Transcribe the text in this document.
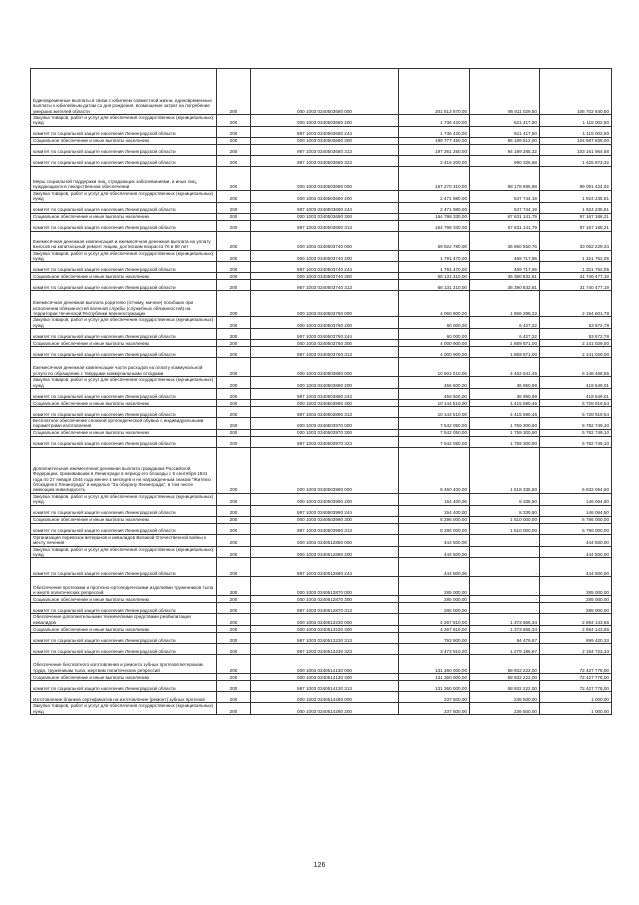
Единовременные выплаты в связи с юбилеем совместной жизни, единовременные выплаты к юбилейным датам со дня рождения, возмещение затрат на погребение умерших жителей области	200	000 1003 0340503680 000	201 513 670,00	95 811 029,50	105 702 640,50
Закупка товаров, работ и услуг для обеспечения государственных (муниципальных) нужд	200	000 1003 0340503680 200	1 736 420,00	621 417,50	1 115 002,50
комитет по социальной защите населения Ленинградской области	200	987 1003 0340503680 244	1 736 420,00	621 417,50	1 115 002,50
Социальное обеспечение и иные выплаты населению	200	000 1003 0340503680 300	199 777 450,00	95 189 612,00	104 587 838,00
комитет по социальной защите населения Ленинградской области	200	987 1003 0340503680 313	197 361 250,00	94 199 285,32	103 161 964,68
комитет по социальной защите населения Ленинградской области	200	987 1003 0340503680 323	2 416 200,00	990 326,68	1 425 873,32
Меры социальной поддержки лиц, страдающих заболеваниями, и иных лиц, нуждающихся в лекарственном обеспечении	200	000 1003 0340503690 000	167 270 310,00	68 178 885,98	99 091 424,02
Закупка товаров, работ и услуг для обеспечения государственных (муниципальных) нужд	200	000 1003 0340503690 200	2 471 980,00	547 744,19	1 924 235,81
комитет по социальной защите населения Ленинградской области	200	987 1003 0340503690 244	2 471 980,00	547 744,19	1 924 235,81
Социальное обеспечение и иные выплаты населению	200	000 1003 0340503690 300	164 798 330,00	67 631 141,79	97 167 188,21
комитет по социальной защите населения Ленинградской области	200	987 1003 0340503690 313	164 798 330,00	67 631 141,79	97 167 188,21
Ежемесячная денежная компенсация и ежемесячная денежная выплата на уплату взносов на капитальный ремонт лицам, достигшим возраста 70 и 80 лет	200	000 1003 0340503740 000	69 922 780,00	36 860 550,76	33 062 229,24
Закупка товаров, работ и услуг для обеспечения государственных (муниципальных) нужд	200	000 1003 0340503740 200	1 791 470,00	469 717,95	1 321 752,05
комитет по социальной защите населения Ленинградской области	200	987 1003 0340503740 244	1 791 470,00	469 717,95	1 321 752,05
Социальное обеспечение и иные выплаты населению	200	000 1003 0340503740 300	68 131 310,00	36 390 832,81	31 740 477,19
комитет по социальной защите населения Ленинградской области	200	987 1003 0340503740 313	68 131 310,00	36 390 832,81	31 740 477,19
Ежемесячная денежная выплата родителю (отчиму, мачехе) погибших при исполнении обязанностей военной службы (служебных обязанностей) на территории Чеченской Республики военнослужащих	200	000 1003 0340503760 000	4 060 900,00	1 866 298,22	2 194 601,78
Закупка товаров, работ и услуг для обеспечения государственных (муниципальных) нужд	200	000 1003 0340503760 200	60 000,00	6 427,22	53 572,78
комитет по социальной защите населения Ленинградской области	200	987 1003 0340503760 244	60 000,00	6 427,22	53 572,78
Социальное обеспечение и иные выплаты населению	200	000 1003 0340503760 300	4 000 900,00	1 859 871,00	2 141 029,00
комитет по социальной защите населения Ленинградской области	200	987 1003 0340503760 313	4 000 900,00	1 859 871,00	2 141 029,00
Ежемесячная денежная компенсация части расходов на оплату коммунальной услуги по обращению с твердыми коммунальными отходами	200	000 1003 0340503890 000	10 601 010,00	4 452 541,45	6 148 468,55
Закупка товаров, работ и услуг для обеспечения государственных (муниципальных) нужд	200	000 1003 0340503890 200	456 500,00	36 950,99	419 549,01
комитет по социальной защите населения Ленинградской области	200	987 1003 0340503890 244	456 500,00	36 950,99	419 549,01
Социальное обеспечение и иные выплаты населению	200	000 1003 0340503890 300	10 144 510,00	4 415 590,46	5 728 919,54
комитет по социальной защите населения Ленинградской области	200	987 1003 0340503890 313	10 144 510,00	4 415 590,46	5 728 919,54
Бесплатное обеспечение сложной ортопедической обувью с индивидуальными параметрами изготовления	200	000 1003 0340503970 000	7 542 050,00	1 759 300,90	5 782 749,10
Социальное обеспечение и иные выплаты населению	200	000 1003 0340503970 300	7 542 050,00	1 759 300,90	5 782 749,10
комитет по социальной защите населения Ленинградской области	200	987 1003 0340503970 323	7 542 050,00	1 759 300,90	5 782 749,10
Дополнительная ежемесячная денежная выплата гражданам Российской Федерации, проживавшим в Ленинграде в период его блокады с 8 сентября 1941 года по 27 января 1944 года менее 4 месяцев и не награжденным знаком "Жителю блокадного Ленинграда" и медалью "За оборону Ленинграда", в том числе имеющим инвалидность	200	000 1003 0340503990 000	8 450 400,00	1 518 335,50	6 932 064,50
Закупка товаров, работ и услуг для обеспечения государственных (муниципальных) нужд	200	000 1003 0340503990 200	154 400,00	8 335,50	146 064,50
комитет по социальной защите населения Ленинградской области	200	987 1003 0340503990 244	154 400,00	8 335,50	146 064,50
Социальное обеспечение и иные выплаты населению	200	000 1003 0340503990 300	8 296 000,00	1 510 000,00	6 786 000,00
комитет по социальной защите населения Ленинградской области	200	987 1003 0340503990 313	8 296 000,00	1 510 000,00	6 786 000,00
Организация перевозок ветеранов и инвалидов Великой Отечественной войны к месту лечения	200	000 1003 0340512860 000	444 500,00	-	444 500,00
Закупка товаров, работ и услуг для обеспечения государственных (муниципальных) нужд	200	000 1003 0340512860 200	444 500,00	-	444 500,00
комитет по социальной защите населения Ленинградской области	200	987 1003 0340512860 244	444 500,00	-	444 500,00
Обеспечение протезами и протезно-ортопедическими изделиями труженников тыла и жертв политических репрессий	200	000 1003 0340512870 000	285 000,00	-	285 000,00
Социальное обеспечение и иные выплаты населению	200	000 1003 0340512870 300	285 000,00	-	285 000,00
комитет по социальной защите населения Ленинградской области	200	987 1003 0340512870 313	285 000,00	-	285 000,00
Обеспечение дополнительными техническими средствами реабилитации инвалидов	200	000 1003 0340513230 000	4 267 810,00	1 373 666,34	2 894 143,66
Социальное обеспечение и иные выплаты населению	200	000 1003 0340513230 300	4 267 810,00	1 373 666,34	2 894 143,66
комитет по социальной защите населения Ленинградской области	200	987 1003 0340513230 313	793 900,00	94 479,67	699 420,33
комитет по социальной защите населения Ленинградской области	200	987 1003 0340513230 323	3 473 910,00	1 279 186,67	2 194 723,33
Обеспечение бесплатного изготовления и ремонта зубных протезов ветеранам труда, труженикам тыла, жертвам политических репрессий	200	000 1003 0340514130 000	131 360 000,00	58 932 222,00	72 427 778,00
Социальное обеспечение и иные выплаты населению	200	000 1003 0340514130 300	131 360 000,00	58 932 222,00	72 427 778,00
комитет по социальной защите населения Ленинградской области	200	987 1003 0340514130 313	131 360 000,00	58 932 222,00	72 427 778,00
Изготовление бланков сертификатов на изготовление (ремонт) зубных протезов	200	000 1003 0340514280 000	237 500,00	236 500,00	1 000,00
Закупка товаров, работ и услуг для обеспечения государственных (муниципальных) нужд	200	000 1003 0340514280 200	237 500,00	236 500,00	1 000,00
126
